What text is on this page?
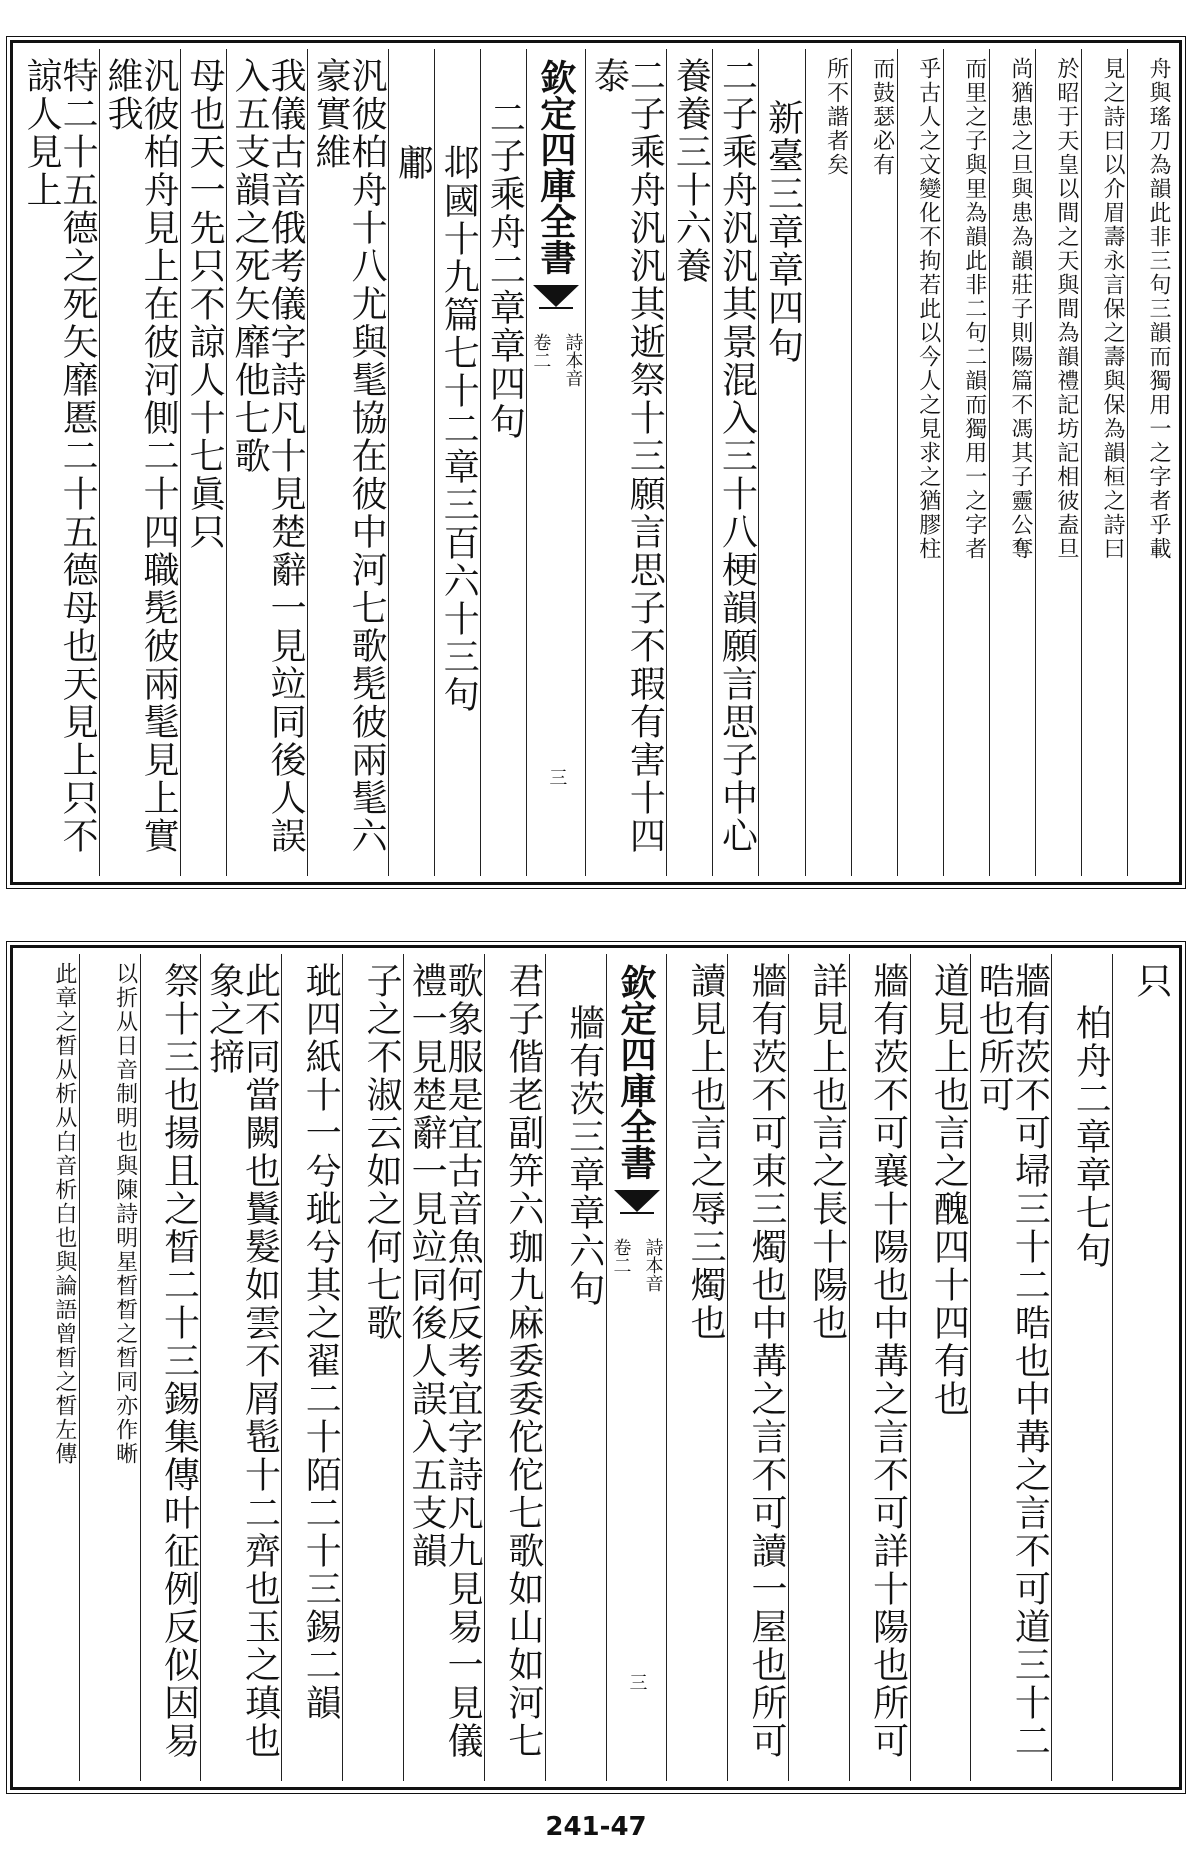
舟與瑤刀為韻此非三句三韻而獨用一之字者乎載
見之詩曰以介眉壽永言保之壽與保為韻桓之詩曰
於昭于天皇以間之天與間為韻禮記坊記相彼盍旦
尚猶患之旦與患為韻莊子則陽篇不馮其子靈公奪
而里之子與里為韻此非二句二韻而獨用一之字者
乎古人之文變化不拘若此以今人之見求之猶膠柱
而鼓瑟必有
所不諧者矣
新臺三章章四句
二子乘舟汎汎其景混入三十八梗韻願言思子中心
養養三十六養
二子乘舟汎汎其逝祭十三願言思子不瑕有害十四泰
欽定四庫全書
詩本音
卷二
三
二子乘舟二章章四句
邶國十九篇七十二章三百六十三句
鄘
汎彼柏舟十八尤與髦協在彼中河七歌髧彼兩髦六豪實維
我儀古音俄考儀字詩凡十見楚辭一見竝同後人誤入五支韻之死矢靡他七歌
母也天一先只不諒人十七眞只
汎彼柏舟見上在彼河側二十四職髧彼兩髦見上實維我
特二十五德之死矢靡慝二十五德母也天見上只不諒人見上
只
柏舟二章章七句
牆有茨不可埽三十二晧也中冓之言不可道三十二晧也所可
道見上也言之醜四十四有也
牆有茨不可襄十陽也中冓之言不可詳十陽也所可
詳見上也言之長十陽也
牆有茨不可束三燭也中冓之言不可讀一屋也所可
讀見上也言之辱三燭也
欽定四庫全書
詩本音
卷二
三
牆有茨三章章六句
君子偕老副笄六珈九麻委委佗佗七歌如山如河七
歌象服是宜古音魚何反考宜字詩凡九見易一見儀禮一見楚辭一見竝同後人誤入五支韻
子之不淑云如之何七歌
玼四紙十一兮玼兮其之翟二十陌二十三錫二韻
此不同當闕也鬒髮如雲不屑髢十二齊也玉之瑱也象之揥
祭十三也揚且之晳二十三錫集傳叶征例反似因易
以折从日音制明也與陳詩明星晳晳之晳同亦作晰
此章之晳从析从白音析白也與論語曾晳之晳左傳
241-47
